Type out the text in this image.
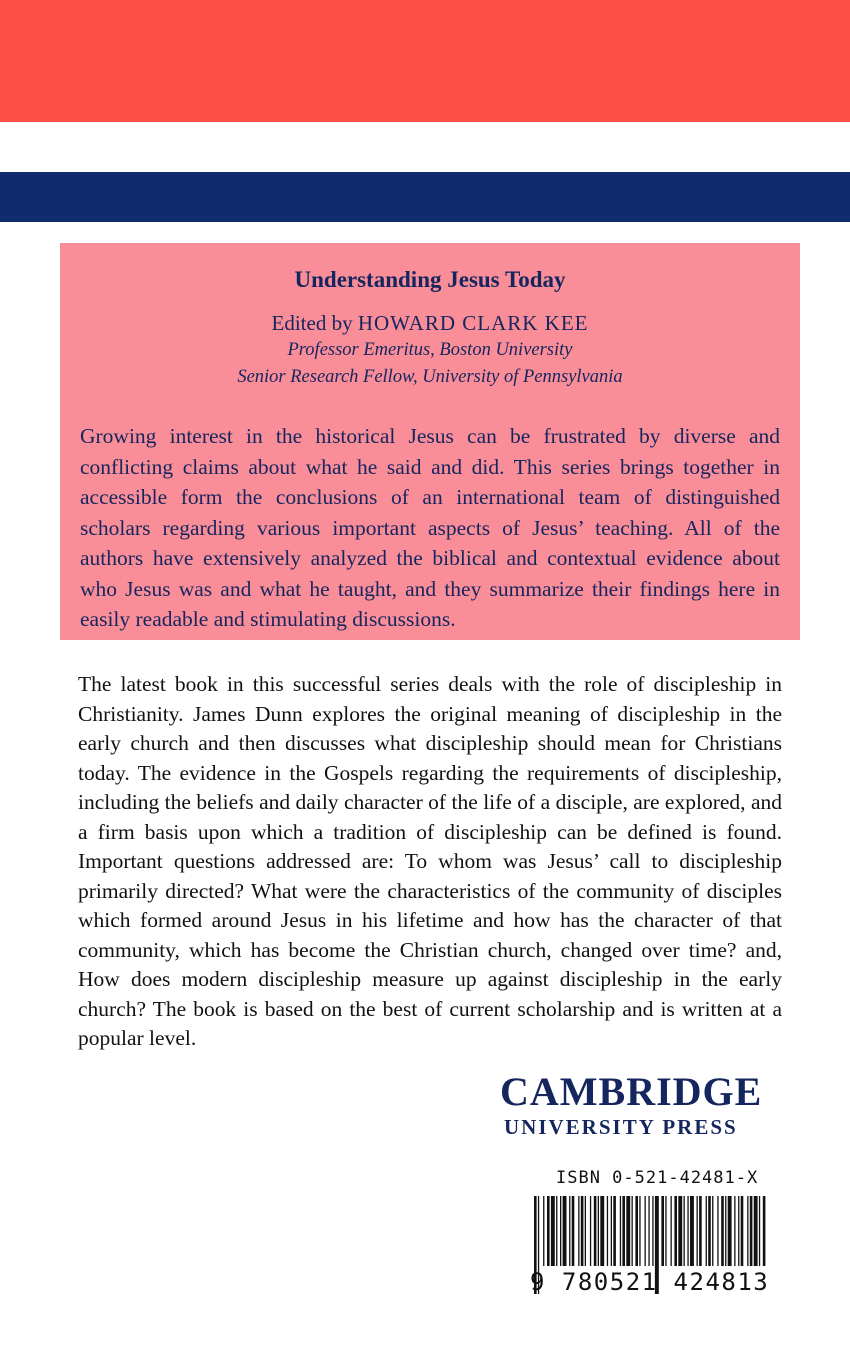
Understanding Jesus Today
Edited by HOWARD CLARK KEE
Professor Emeritus, Boston University
Senior Research Fellow, University of Pennsylvania
Growing interest in the historical Jesus can be frustrated by diverse and conflicting claims about what he said and did. This series brings together in accessible form the conclusions of an international team of distinguished scholars regarding various important aspects of Jesus’ teaching. All of the authors have extensively analyzed the biblical and contextual evidence about who Jesus was and what he taught, and they summarize their findings here in easily readable and stimulating discussions.
The latest book in this successful series deals with the role of discipleship in Christianity. James Dunn explores the original meaning of discipleship in the early church and then discusses what discipleship should mean for Christians today. The evidence in the Gospels regarding the requirements of discipleship, including the beliefs and daily character of the life of a disciple, are explored, and a firm basis upon which a tradition of discipleship can be defined is found. Important questions addressed are: To whom was Jesus’ call to discipleship primarily directed? What were the characteristics of the community of disciples which formed around Jesus in his lifetime and how has the character of that community, which has become the Christian church, changed over time? and, How does modern discipleship measure up against discipleship in the early church? The book is based on the best of current scholarship and is written at a popular level.
CAMBRIDGE
UNIVERSITY PRESS
ISBN 0-521-42481-X
9 780521 424813
